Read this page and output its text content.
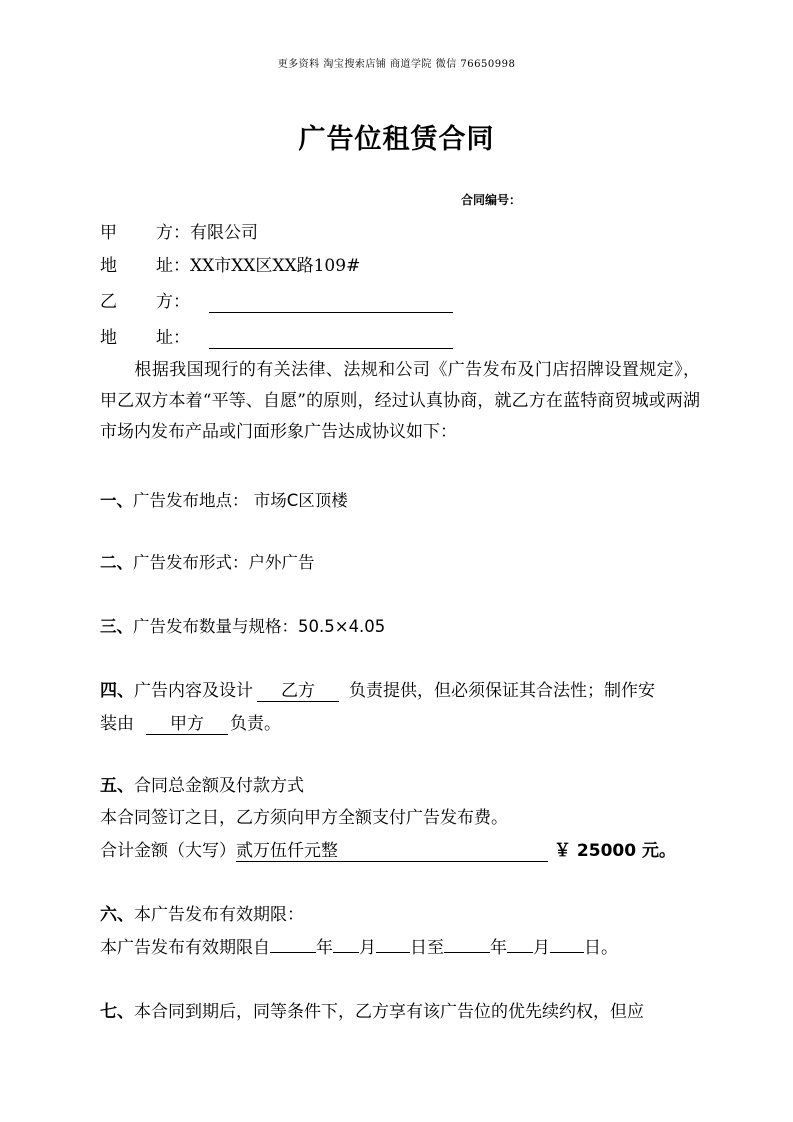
更多资料 淘宝搜索店铺 商道学院 微信 76650998
广告位租赁合同
合同编号：
甲 方：有限公司
地 址：XX市XX区XX路109#
乙 方：
地 址：
根据我国现行的有关法律、法规和公司《广告发布及门店招牌设置规定》，甲乙双方本着“平等、自愿”的原则，经过认真协商，就乙方在蓝特商贸城或两湖市场内发布产品或门面形象广告达成协议如下：
一、广告发布地点： 市场C区顶楼
二、广告发布形式：户外广告
三、广告发布数量与规格：50.5×4.05
四、广告内容及设计 乙方 负责提供，但必须保证其合法性；制作安
装由 甲方 负责。
五、合同总金额及付款方式
本合同签订之日，乙方须向甲方全额支付广告发布费。
合计金额（大写）贰万伍仟元整	￥ 25000 元。
六、本广告发布有效期限：
本广告发布有效期限自	年 月 日至	年 月 日。
七、本合同到期后，同等条件下，乙方享有该广告位的优先续约权，但应
